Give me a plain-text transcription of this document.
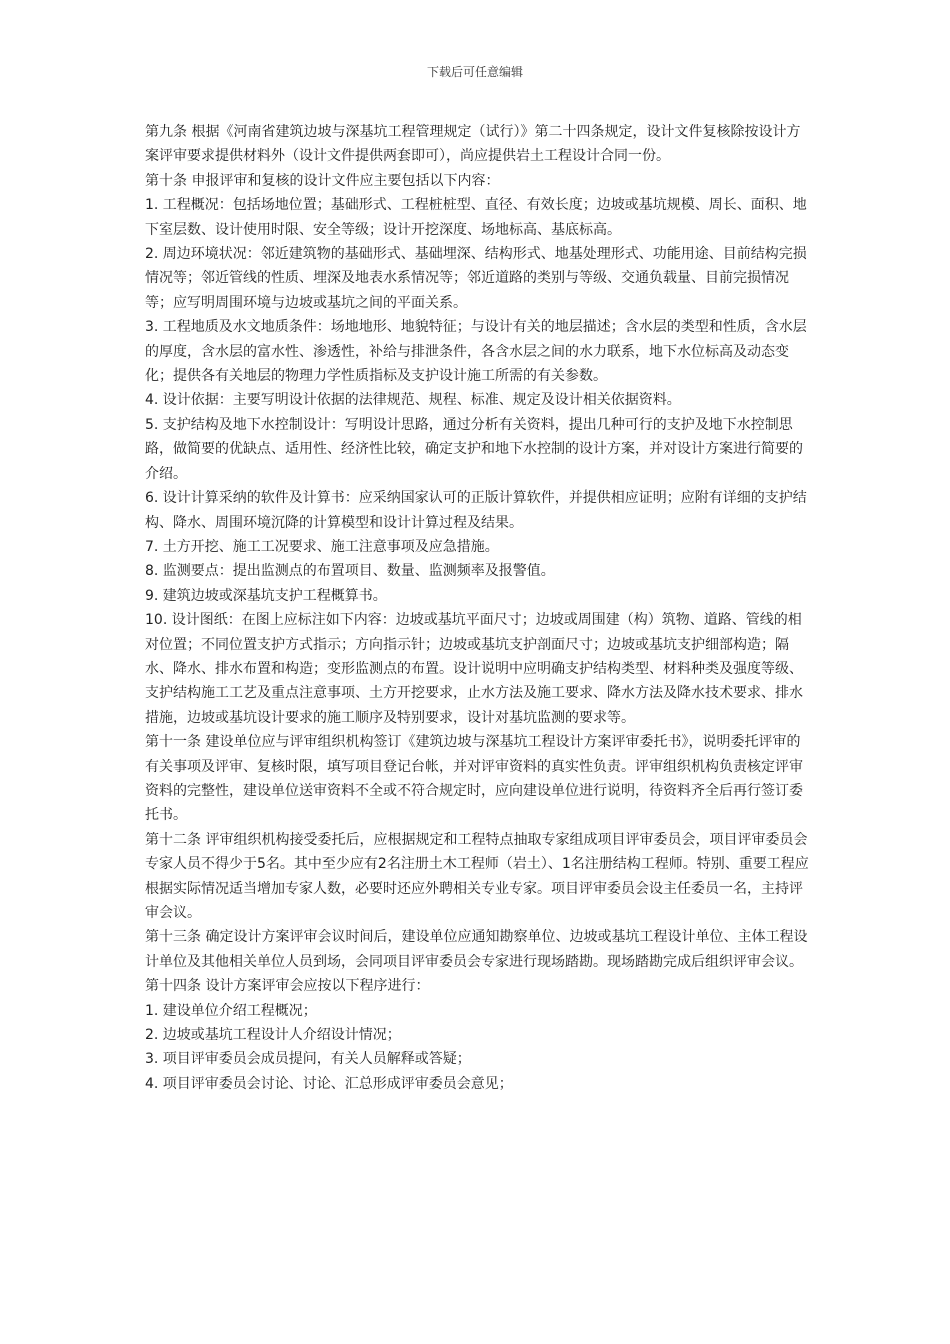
下载后可任意编辑

第九条 根据《河南省建筑边坡与深基坑工程管理规定（试行）》第二十四条规定，设计文件复核除按设计方案评审要求提供材料外（设计文件提供两套即可），尚应提供岩土工程设计合同一份。

第十条 申报评审和复核的设计文件应主要包括以下内容：

1. 工程概况：包括场地位置；基础形式、工程桩桩型、直径、有效长度；边坡或基坑规模、周长、面积、地下室层数、设计使用时限、安全等级；设计开挖深度、场地标高、基底标高。

2. 周边环境状况：邻近建筑物的基础形式、基础埋深、结构形式、地基处理形式、功能用途、目前结构完损情况等；邻近管线的性质、埋深及地表水系情况等；邻近道路的类别与等级、交通负载量、目前完损情况等；应写明周围环境与边坡或基坑之间的平面关系。

3. 工程地质及水文地质条件：场地地形、地貌特征；与设计有关的地层描述；含水层的类型和性质，含水层的厚度，含水层的富水性、渗透性，补给与排泄条件，各含水层之间的水力联系，地下水位标高及动态变化；提供各有关地层的物理力学性质指标及支护设计施工所需的有关参数。

4. 设计依据：主要写明设计依据的法律规范、规程、标准、规定及设计相关依据资料。

5. 支护结构及地下水控制设计：写明设计思路，通过分析有关资料，提出几种可行的支护及地下水控制思路，做简要的优缺点、适用性、经济性比较，确定支护和地下水控制的设计方案，并对设计方案进行简要的介绍。

6. 设计计算采纳的软件及计算书：应采纳国家认可的正版计算软件，并提供相应证明；应附有详细的支护结构、降水、周围环境沉降的计算模型和设计计算过程及结果。

7. 土方开挖、施工工况要求、施工注意事项及应急措施。

8. 监测要点：提出监测点的布置项目、数量、监测频率及报警值。

9. 建筑边坡或深基坑支护工程概算书。

10. 设计图纸：在图上应标注如下内容：边坡或基坑平面尺寸；边坡或周围建（构）筑物、道路、管线的相对位置；不同位置支护方式指示；方向指示针；边坡或基坑支护剖面尺寸；边坡或基坑支护细部构造；隔水、降水、排水布置和构造；变形监测点的布置。设计说明中应明确支护结构类型、材料种类及强度等级、支护结构施工工艺及重点注意事项、土方开挖要求，止水方法及施工要求、降水方法及降水技术要求、排水措施，边坡或基坑设计要求的施工顺序及特别要求，设计对基坑监测的要求等。

第十一条 建设单位应与评审组织机构签订《建筑边坡与深基坑工程设计方案评审委托书》，说明委托评审的有关事项及评审、复核时限，填写项目登记台帐，并对评审资料的真实性负责。评审组织机构负责核定评审资料的完整性，建设单位送审资料不全或不符合规定时，应向建设单位进行说明，待资料齐全后再行签订委托书。

第十二条 评审组织机构接受委托后，应根据规定和工程特点抽取专家组成项目评审委员会，项目评审委员会专家人员不得少于5名。其中至少应有2名注册土木工程师（岩土）、1名注册结构工程师。特别、重要工程应根据实际情况适当增加专家人数，必要时还应外聘相关专业专家。项目评审委员会设主任委员一名，主持评审会议。

第十三条 确定设计方案评审会议时间后，建设单位应通知勘察单位、边坡或基坑工程设计单位、主体工程设计单位及其他相关单位人员到场，会同项目评审委员会专家进行现场踏勘。现场踏勘完成后组织评审会议。

第十四条 设计方案评审会应按以下程序进行：

1. 建设单位介绍工程概况；

2. 边坡或基坑工程设计人介绍设计情况；

3. 项目评审委员会成员提问，有关人员解释或答疑；

4. 项目评审委员会讨论、讨论、汇总形成评审委员会意见；
